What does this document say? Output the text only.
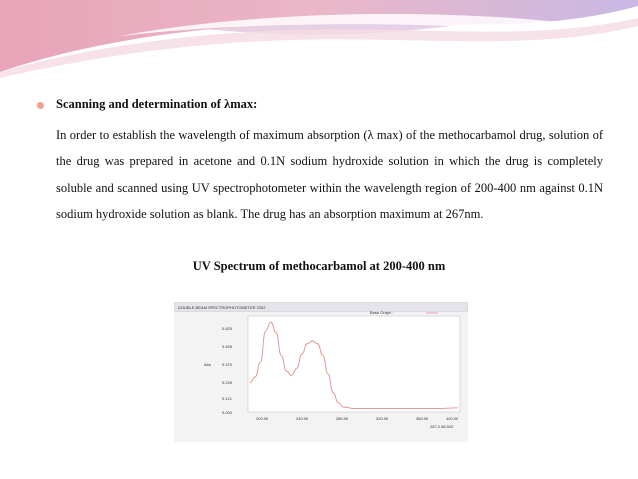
Scanning and determination of λmax:
In order to establish the wavelength of maximum absorption (λ max) of the methocarbamol drug, solution of the drug was prepared in acetone and 0.1N sodium hydroxide solution in which the drug is completely soluble and scanned using UV spectrophotometer within the wavelength region of 200-400 nm against 0.1N sodium hydroxide solution as blank. The drug has an absorption maximum at 267nm.
UV Spectrum of methocarbamol at 200-400 nm
DOUBLE BEAM SPECTROPHOTOMETER 2202
Base Graph :
Abs
0.625
0.495
0.370
0.245
0.121
0.000
200.00	240.00	280.00	320.00	360.00	400.00
267.2 88.520
